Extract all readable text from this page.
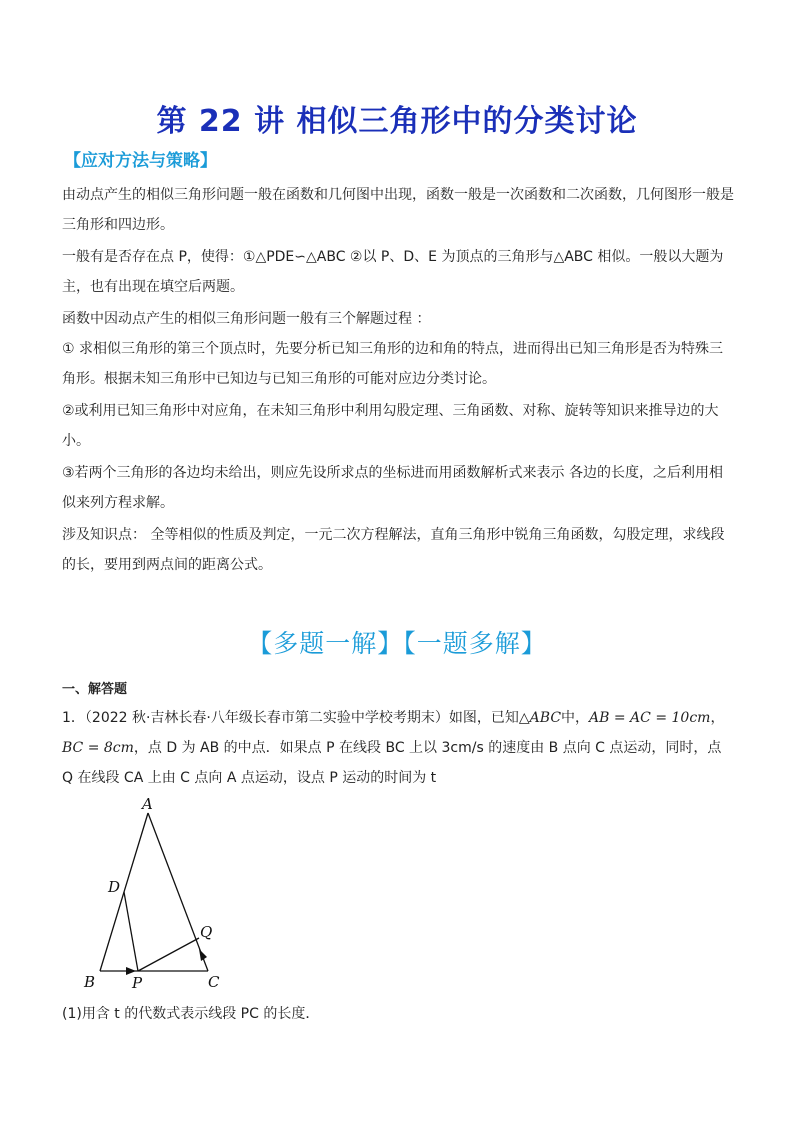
第 22 讲 相似三角形中的分类讨论
【应对方法与策略】
由动点产生的相似三角形问题一般在函数和几何图中出现，函数一般是一次函数和二次函数，几何图形一般是三角形和四边形。
一般有是否存在点 P，使得：①△PDE∽△ABC ②以 P、D、E 为顶点的三角形与△ABC 相似。一般以大题为主，也有出现在填空后两题。
函数中因动点产生的相似三角形问题一般有三个解题过程 ：
① 求相似三角形的第三个顶点时，先要分析已知三角形的边和角的特点，进而得出已知三角形是否为特殊三角形。根据未知三角形中已知边与已知三角形的可能对应边分类讨论。
②或利用已知三角形中对应角，在未知三角形中利用勾股定理、三角函数、对称、旋转等知识来推导边的大小。
③若两个三角形的各边均未给出，则应先设所求点的坐标进而用函数解析式来表示 各边的长度，之后利用相似来列方程求解。
涉及知识点： 全等相似的性质及判定，一元二次方程解法，直角三角形中锐角三角函数，勾股定理，求线段的长，要用到两点间的距离公式。
【多题一解】【一题多解】
一、解答题
1．（2022 秋·吉林长春·八年级长春市第二实验中学校考期末）如图，已知△ABC中，AB = AC = 10cm，
BC = 8cm，点 D 为 AB 的中点．如果点 P 在线段 BC 上以 3cm/s 的速度由 B 点向 C 点运动，同时，点 Q 在线段 CA 上由 C 点向 A 点运动，设点 P 运动的时间为 t
A
B	C
D
P
Q
(1)用含 t 的代数式表示线段 PC 的长度．
